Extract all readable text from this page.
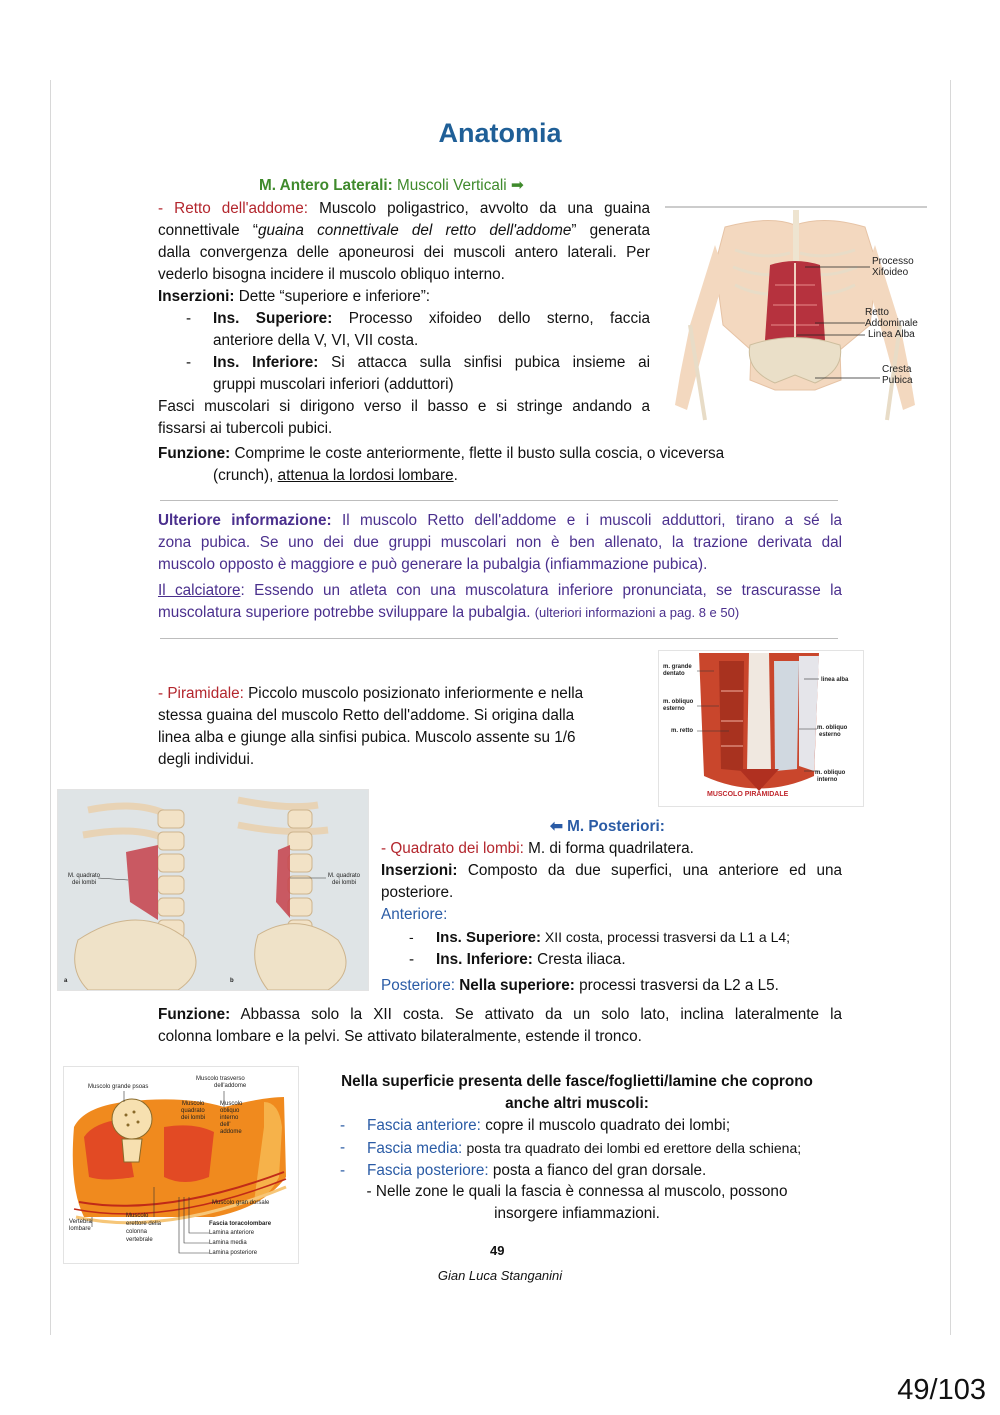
Anatomia
M. Antero Laterali: Muscoli Verticali ➡
- Retto dell'addome: Muscolo poligastrico, avvolto da una guaina
connettivale “guaina connettivale del retto dell'addome” generata
dalla convergenza delle aponeurosi dei muscoli antero laterali. Per
vederlo bisogna incidere il muscolo obliquo interno.
Inserzioni: Dette “superiore e inferiore”:
- Ins. Superiore: Processo xifoideo dello sterno, faccia
anteriore della V, VI, VII costa.
- Ins. Inferiore: Si attacca sulla sinfisi pubica insieme ai
gruppi muscolari inferiori (adduttori)
Fasci muscolari si dirigono verso il basso e si stringe andando a
fissarsi ai tubercoli pubici.
Funzione: Comprime le coste anteriormente, flette il busto sulla coscia, o viceversa
(crunch), attenua la lordosi lombare.
Processo
Xifoideo
Retto
Addominale
Linea Alba
Cresta
Pubica
Ulteriore informazione: Il muscolo Retto dell'addome e i muscoli adduttori, tirano a sé la
zona pubica. Se uno dei due gruppi muscolari non è ben allenato, la trazione derivata dal
muscolo opposto è maggiore e può generare la pubalgia (infiammazione pubica).
Il calciatore: Essendo un atleta con una muscolatura inferiore pronunciata, se trascurasse la
muscolatura superiore potrebbe sviluppare la pubalgia. (ulteriori informazioni a pag. 8 e 50)
- Piramidale: Piccolo muscolo posizionato inferiormente e nella
stessa guaina del muscolo Retto dell'addome. Si origina dalla
linea alba e giunge alla sinfisi pubica. Muscolo assente su 1/6
degli individui.
m. grande
dentato
m. obliquo
esterno
m. retto
linea alba
m. obliquo
esterno
m. obliquo
interno
MUSCOLO PIRAMIDALE
M. quadrato
dei lombi
M. quadrato
dei lombi
a	b
⬅ M. Posteriori:
- Quadrato dei lombi: M. di forma quadrilatera.
Inserzioni: Composto da due superfici, una anteriore ed una
posteriore.
Anteriore:
- Ins. Superiore: XII costa, processi trasversi da L1 a L4;
- Ins. Inferiore: Cresta iliaca.
Posteriore: Nella superiore: processi trasversi da L2 a L5.
Funzione: Abbassa solo la XII costa. Se attivato da un solo lato, inclina lateralmente la
colonna lombare e la pelvi. Se attivato bilateralmente, estende il tronco.
Muscolo grande psoas
Muscolo trasverso
dell'addome
Muscolo
quadrato
dei lombi
Muscolo
obliquo
interno
dell'
addome
Muscolo gran dorsale
Vertebra
lombare
Muscolo
erettore della
colonna
vertebrale
Fascia toracolombare
Lamina anteriore
Lamina media
Lamina posteriore
Nella superficie presenta delle fasce/foglietti/lamine che coprono
anche altri muscoli:
- Fascia anteriore: copre il muscolo quadrato dei lombi;
- Fascia media: posta tra quadrato dei lombi ed erettore della schiena;
- Fascia posteriore: posta a fianco del gran dorsale.
- Nelle zone le quali la fascia è connessa al muscolo, possono
insorgere infiammazioni.
49
Gian Luca Stanganini
49/103
